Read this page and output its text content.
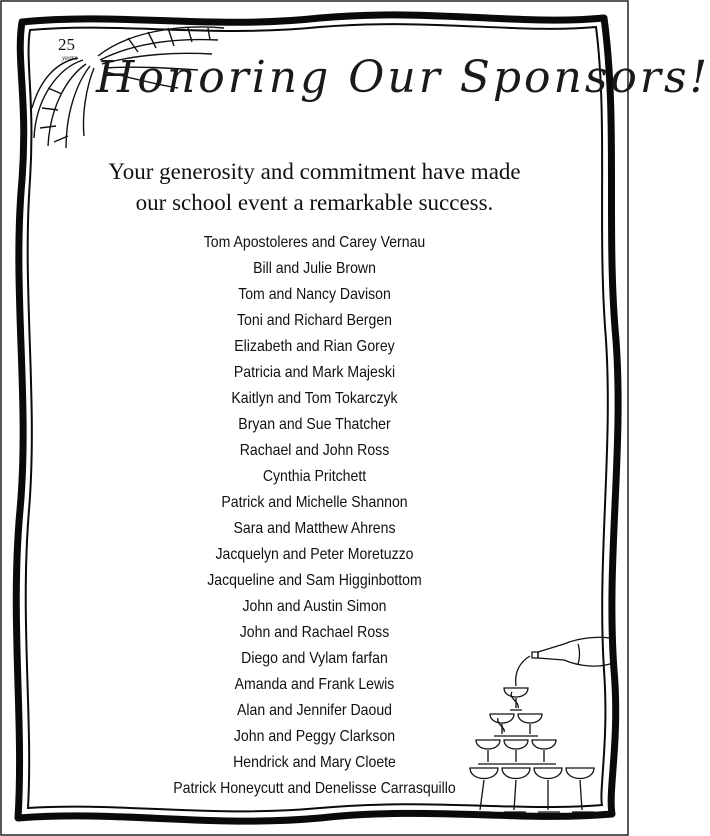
25
years Honoring Our Sponsors!
Your generosity and commitment have made
our school event a remarkable success.
Tom Apostoleres and Carey Vernau
Bill and Julie Brown
Tom and Nancy Davison
Toni and Richard Bergen
Elizabeth and Rian Gorey
Patricia and Mark Majeski
Kaitlyn and Tom Tokarczyk
Bryan and Sue Thatcher
Rachael and John Ross
Cynthia Pritchett
Patrick and Michelle Shannon
Sara and Matthew Ahrens
Jacquelyn and Peter Moretuzzo
Jacqueline and Sam Higginbottom
John and Austin Simon
John and Rachael Ross
Diego and Vylam farfan
Amanda and Frank Lewis
Alan and Jennifer Daoud
John and Peggy Clarkson
Hendrick and Mary Cloete
Patrick Honeycutt and Denelisse Carrasquillo
